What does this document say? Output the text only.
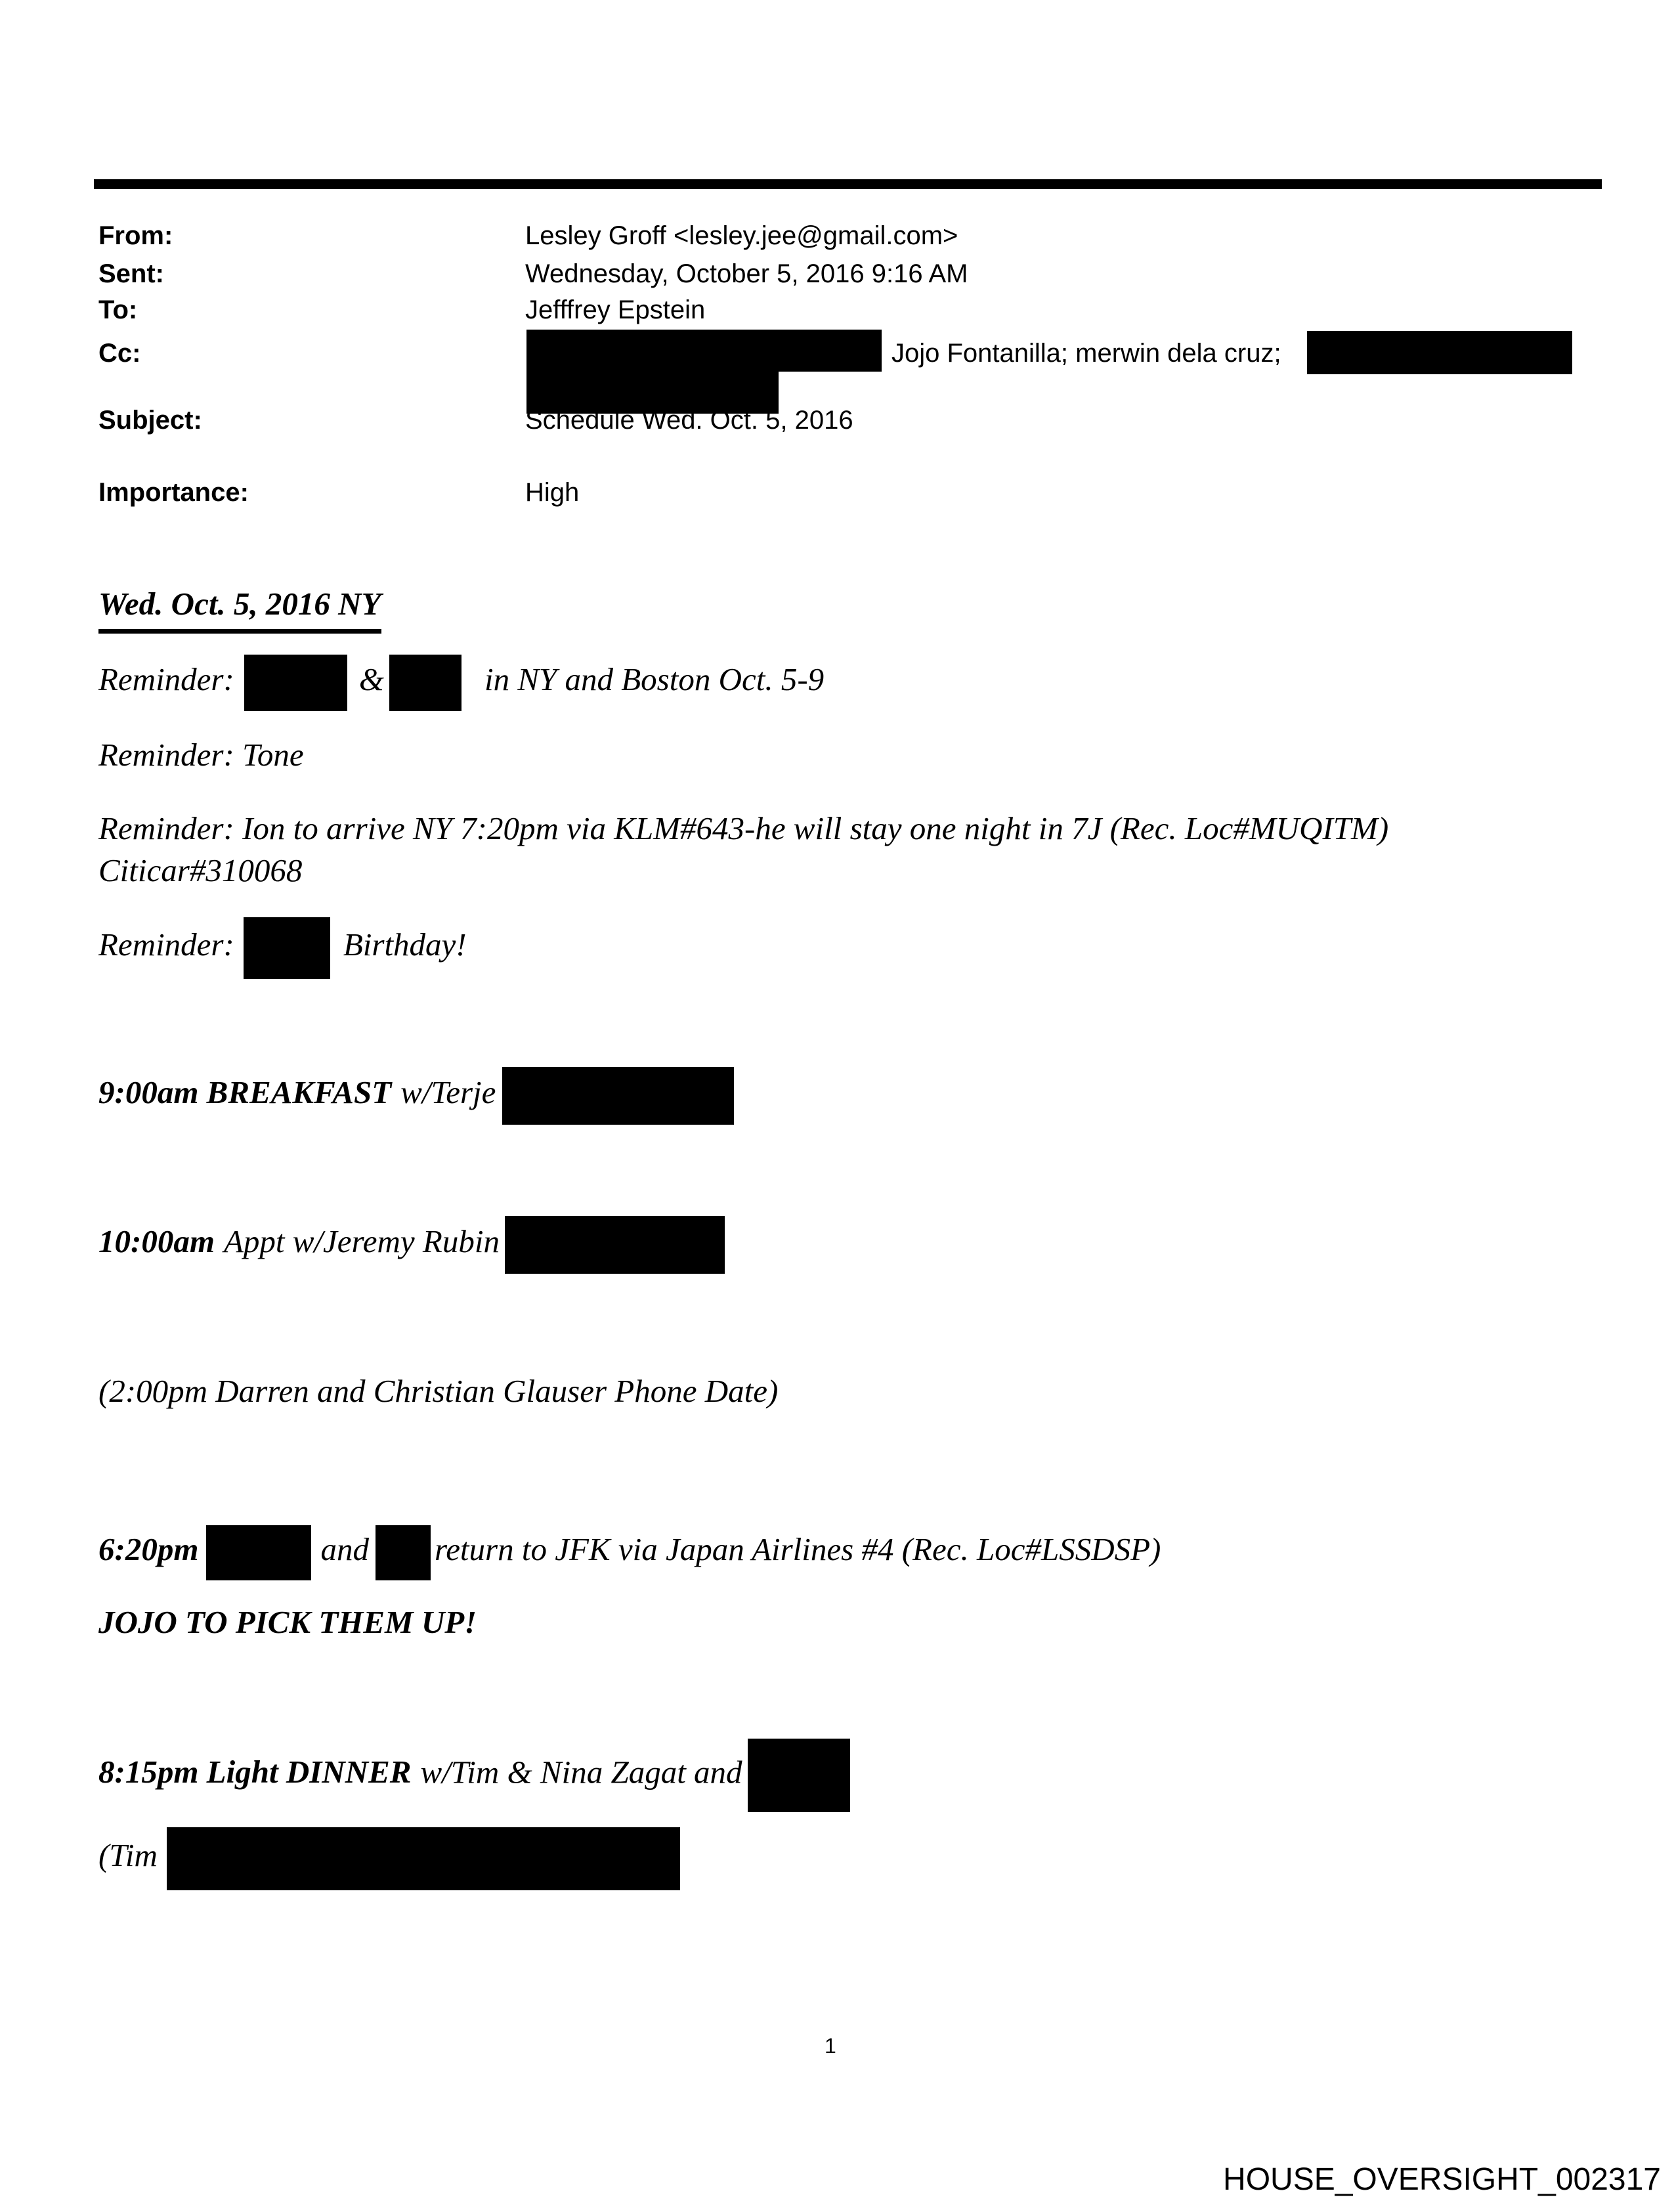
From:	Lesley Groff <lesley.jee@gmail.com>
Sent:	Wednesday, October 5, 2016 9:16 AM
To:	Jefffrey Epstein
Cc:	Jojo Fontanilla; merwin dela cruz;
Subject:	Schedule Wed. Oct. 5, 2016
Importance:	High
Wed. Oct. 5, 2016 NY
Reminder:	&	in NY and Boston Oct. 5-9
Reminder: Tone
Reminder: Ion to arrive NY 7:20pm via KLM#643-he will stay one night in 7J (Rec. Loc#MUQITM)
Citicar#310068
Reminder:	Birthday!
9:00am BREAKFAST w/Terje
10:00am Appt w/Jeremy Rubin
(2:00pm Darren and Christian Glauser Phone Date)
6:20pm	and return to JFK via Japan Airlines #4 (Rec. Loc#LSSDSP)
JOJO TO PICK THEM UP!
8:15pm Light DINNER w/Tim & Nina Zagat and
(Tim
1
HOUSE_OVERSIGHT_002317
